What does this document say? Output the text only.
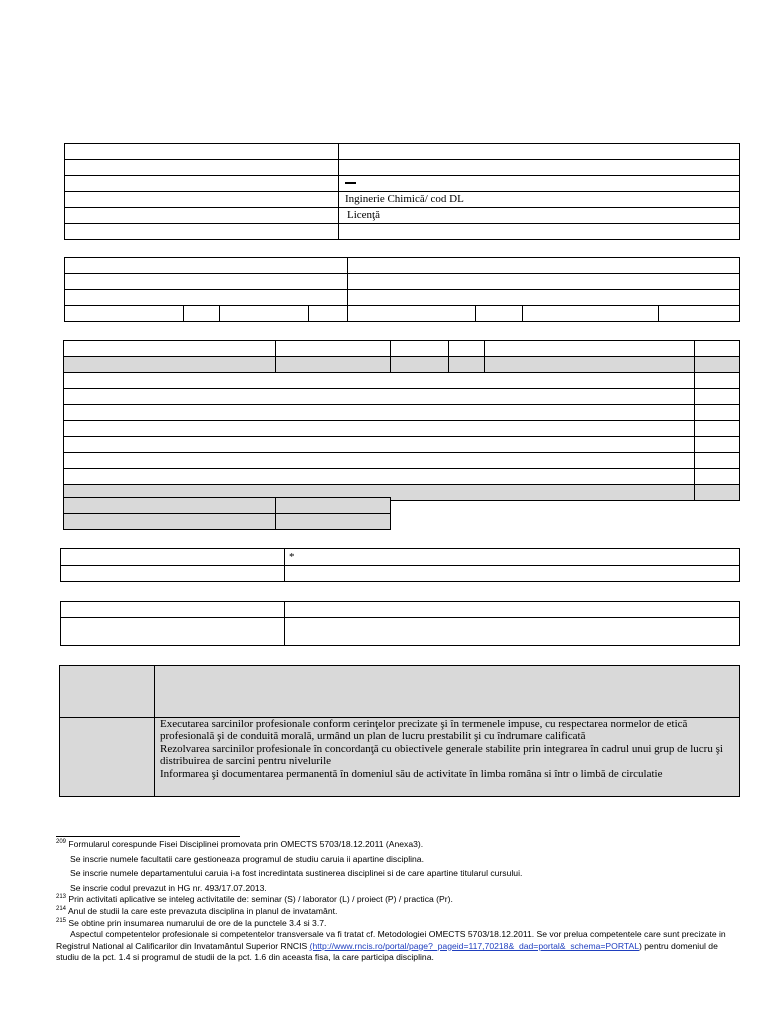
	Inginerie Chimică/ cod DL
	Licenţă

	*

	Executarea sarcinilor profesionale conform cerinţelor precizate şi în termenele impuse, cu respectarea normelor de etică profesională şi de conduită morală, urmând un plan de lucru prestabilit şi cu îndrumare calificată
Rezolvarea sarcinilor profesionale în concordanţă cu obiectivele generale stabilite prin integrarea în cadrul unui grup de lucru şi distribuirea de sarcini pentru nivelurile
Informarea şi documentarea permanentă în domeniul său de activitate în limba româna si într o limbă de circulatie

$^{209}$ Formularul corespunde Fisei Disciplinei promovata prin OMECTS 5703/18.12.2011 (Anexa3).

Se inscrie numele facultatii care gestioneaza programul de studiu caruia ii apartine disciplina.

Se inscrie numele departamentului caruia i-a fost incredintata sustinerea disciplinei si de care apartine titularul cursului.

Se inscrie codul prevazut in HG nr. 493/17.07.2013.

$^{213}$ Prin activitati aplicative se inteleg activitatile de: seminar (S) / laborator (L) / proiect (P) / practica (Pr).

$^{214}$ Anul de studii la care este prevazuta disciplina in planul de invatamânt.

$^{215}$ Se obtine prin insumarea numarului de ore de la punctele 3.4 si 3.7.

Aspectul competentelor profesionale si competentelor transversale va fi tratat cf. Metodologiei OMECTS 5703/18.12.2011. Se vor prelua competentele care sunt precizate in Registrul National al Calificarilor din Invatamântul Superior RNCIS (http://www.rncis.ro/portal/page?_pageid=117,70218&_dad=portal&_schema=PORTAL) pentru domeniul de studiu de la pct. 1.4 si programul de studii de la pct. 1.6 din aceasta fisa, la care participa disciplina.
